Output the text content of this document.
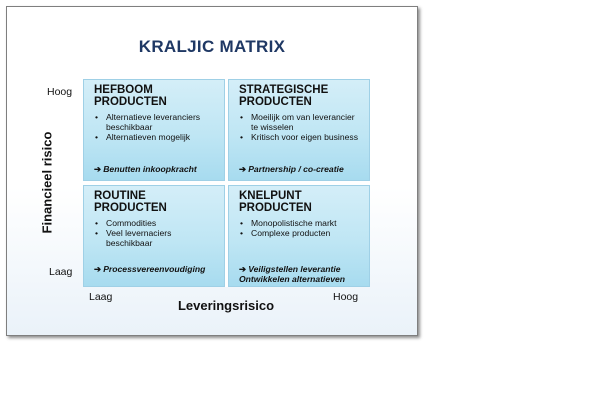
KRALJIC MATRIX
Financieel risico
Hoog
Laag
Laag	Hoog
Leveringsrisico
HEFBOOM
PRODUCTEN
• Alternatieve leveranciers beschikbaar
• Alternatieven mogelijk
➔ Benutten inkoopkracht
STRATEGISCHE
PRODUCTEN
• Moeilijk om van leverancier te wisselen
• Kritisch voor eigen business
➔ Partnership / co-creatie
ROUTINE
PRODUCTEN
• Commodities
• Veel levernaciers beschikbaar
➔ Processvereenvoudiging
KNELPUNT
PRODUCTEN
• Monopolistische markt
• Complexe producten
➔ Veiligstellen leverantie
Ontwikkelen alternatieven
